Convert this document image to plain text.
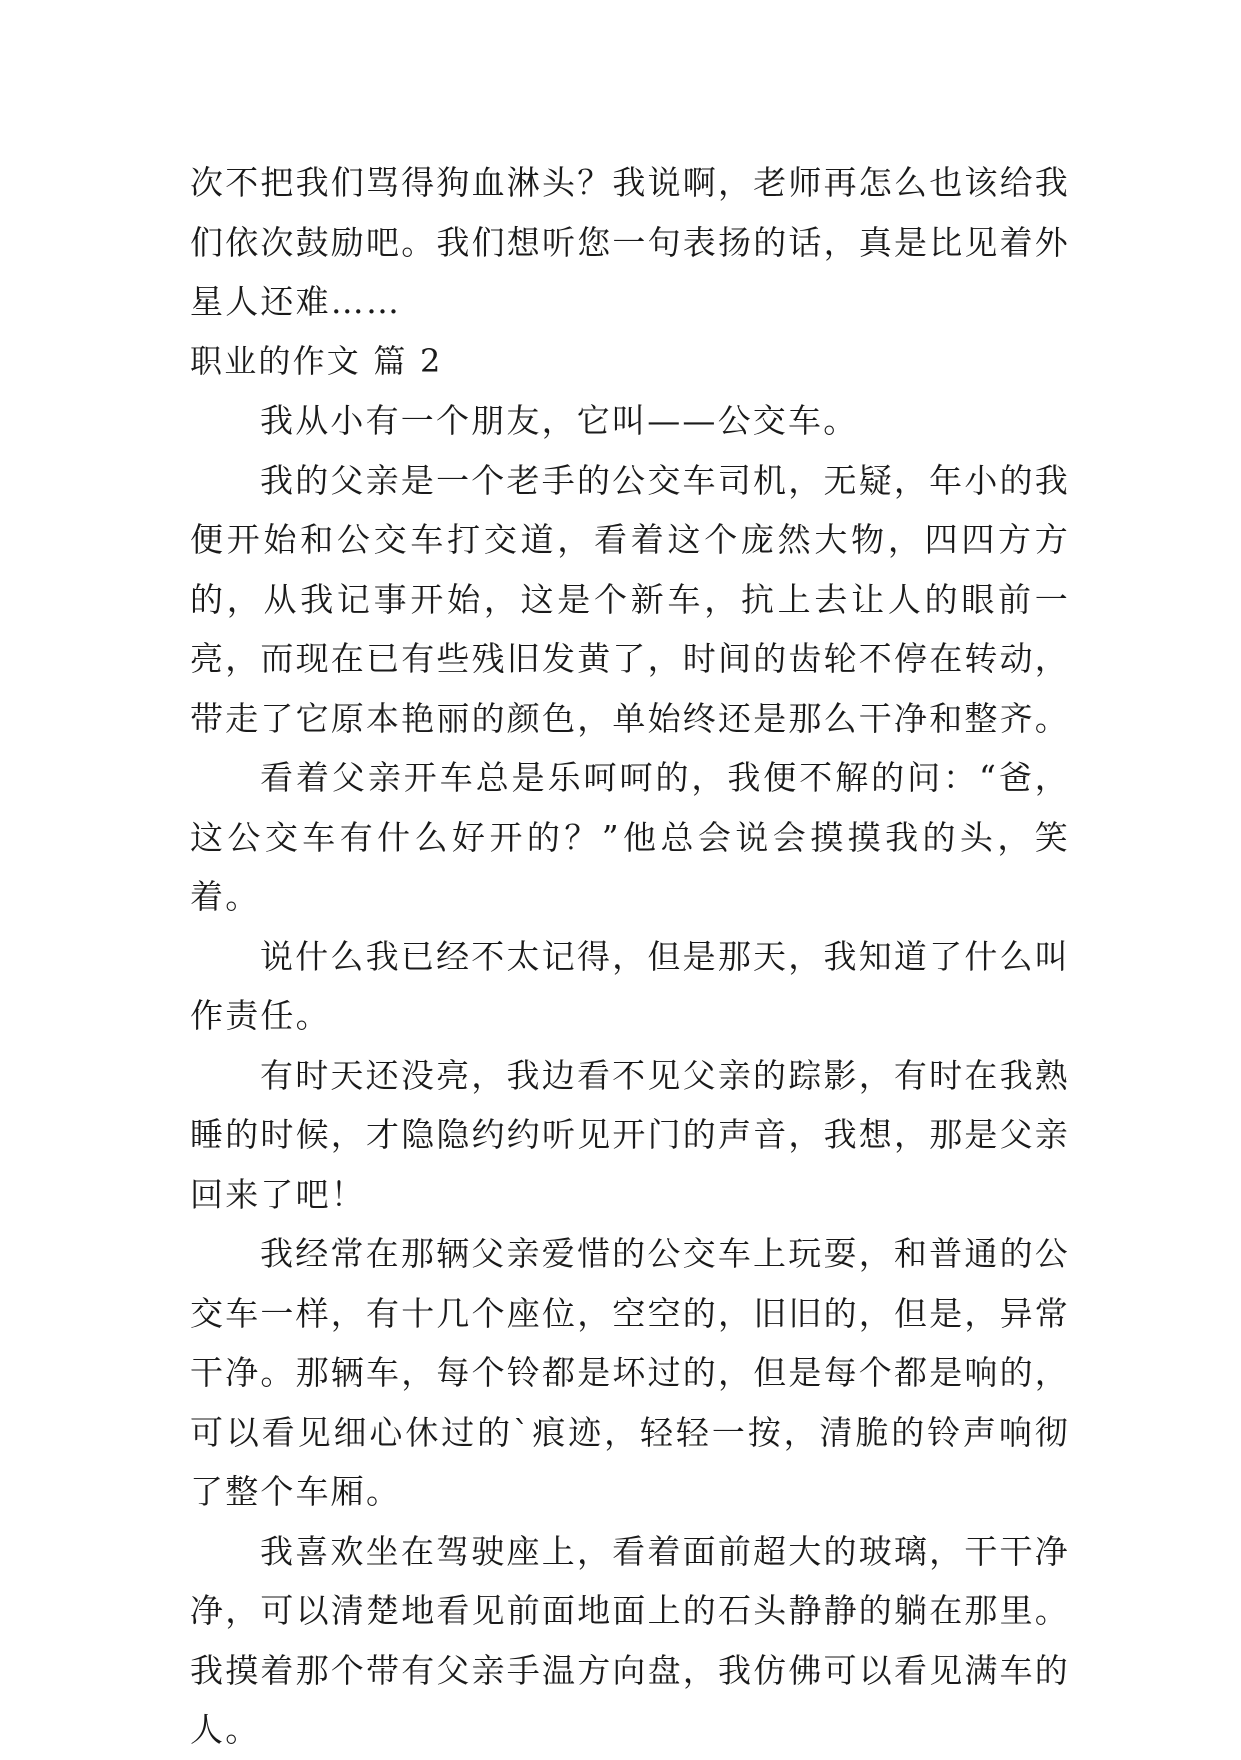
次不把我们骂得狗血淋头？我说啊，老师再怎么也该给我们依次鼓励吧。我们想听您一句表扬的话，真是比见着外星人还难……

职业的作文 篇 2

我从小有一个朋友，它叫——公交车。

我的父亲是一个老手的公交车司机，无疑，年小的我便开始和公交车打交道，看着这个庞然大物，四四方方的，从我记事开始，这是个新车，抗上去让人的眼前一亮，而现在已有些残旧发黄了，时间的齿轮不停在转动，带走了它原本艳丽的颜色，单始终还是那么干净和整齐。

看着父亲开车总是乐呵呵的，我便不解的问：“爸，这公交车有什么好开的？”他总会说会摸摸我的头，笑着。

说什么我已经不太记得，但是那天，我知道了什么叫作责任。

有时天还没亮，我边看不见父亲的踪影，有时在我熟睡的时候，才隐隐约约听见开门的声音，我想，那是父亲回来了吧！

我经常在那辆父亲爱惜的公交车上玩耍，和普通的公交车一样，有十几个座位，空空的，旧旧的，但是，异常干净。那辆车，每个铃都是坏过的，但是每个都是响的，可以看见细心休过的`痕迹，轻轻一按，清脆的铃声响彻了整个车厢。

我喜欢坐在驾驶座上，看着面前超大的玻璃，干干净净，可以清楚地看见前面地面上的石头静静的躺在那里。我摸着那个带有父亲手温方向盘，我仿佛可以看见满车的人。
